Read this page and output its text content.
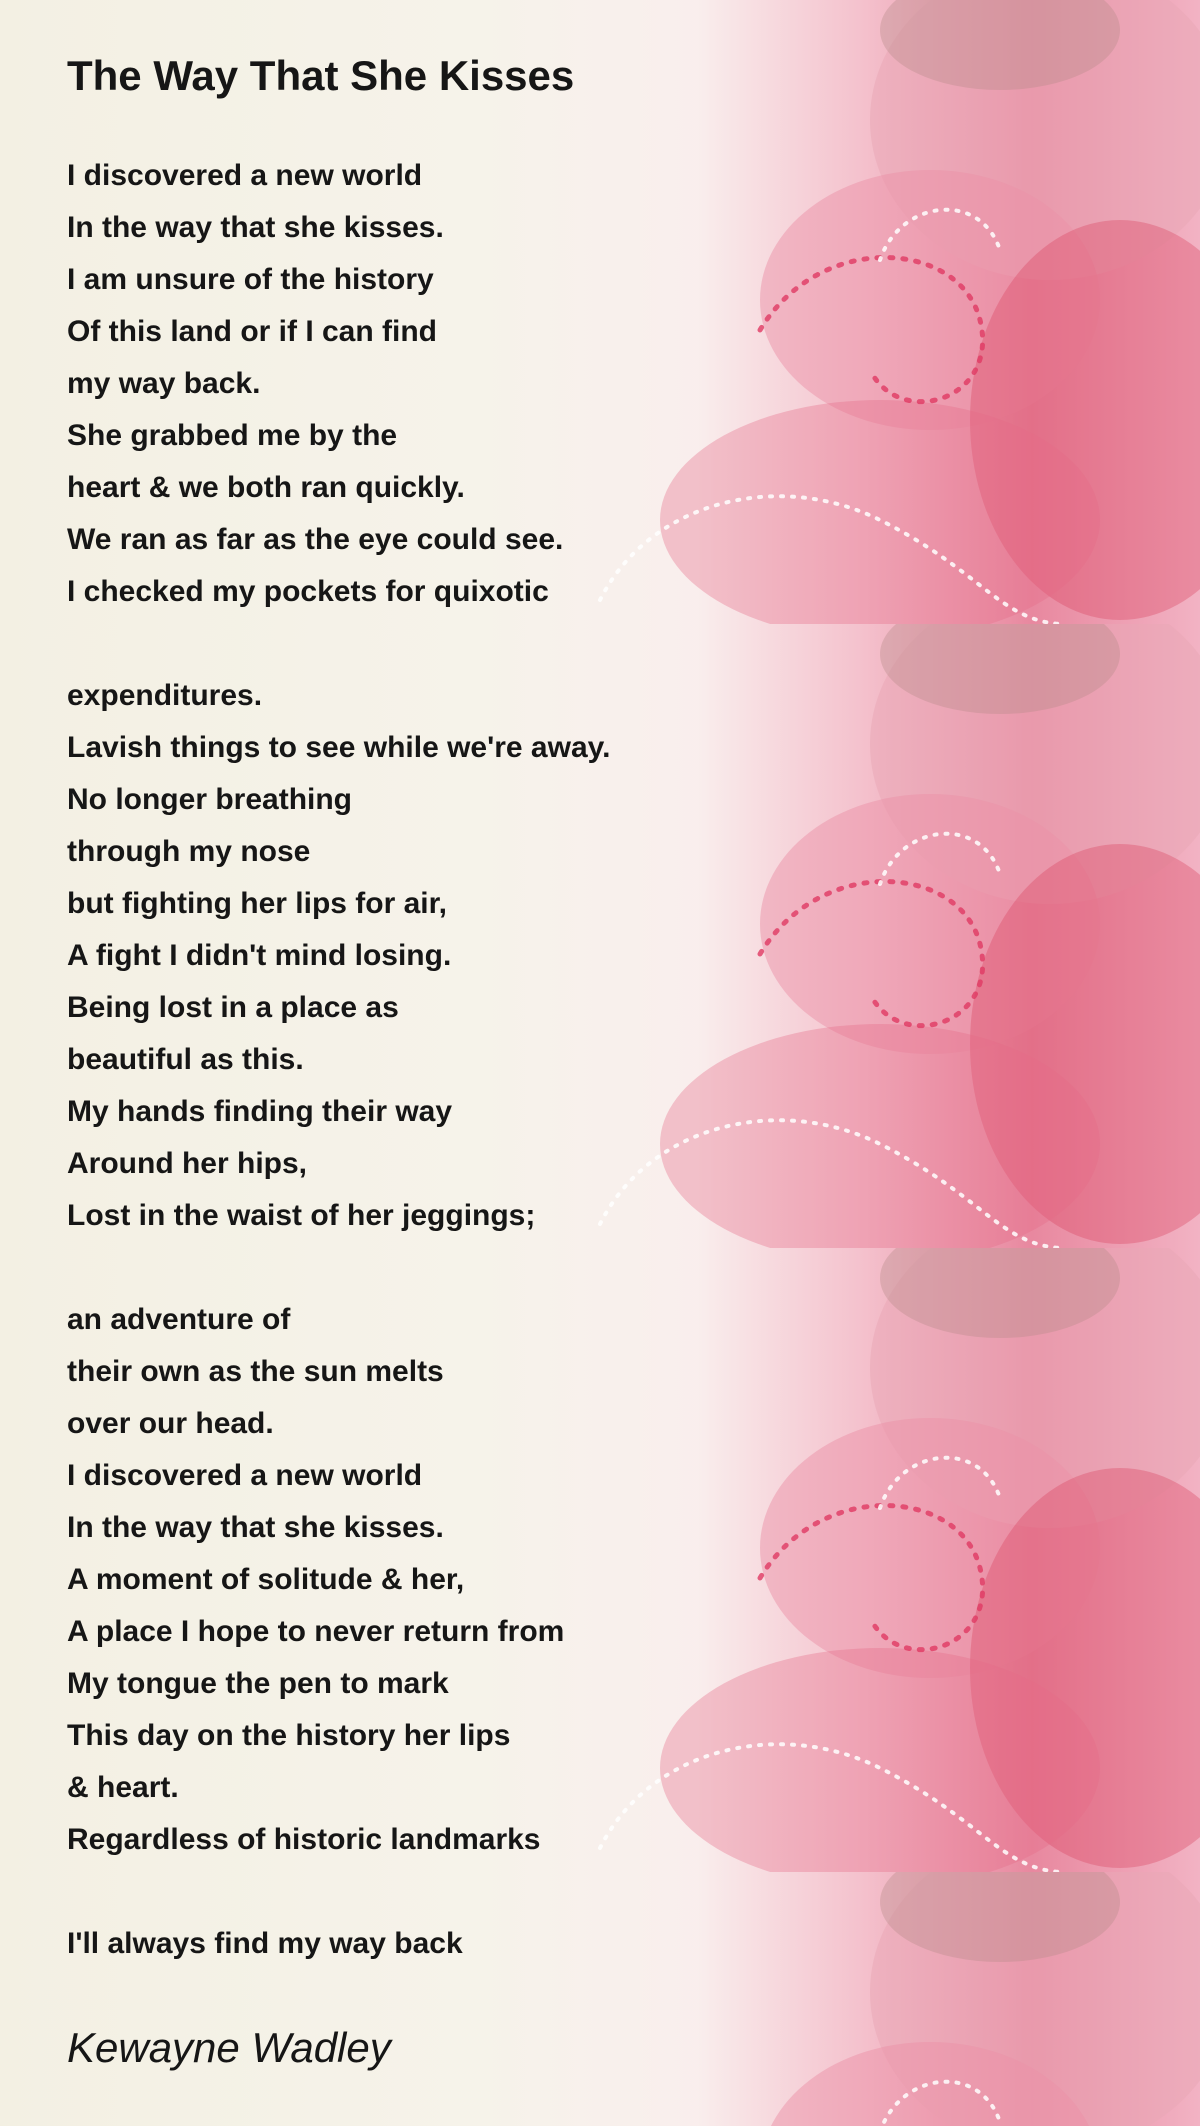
The Way That She Kisses
I discovered a new world
In the way that she kisses.
I am unsure of the history
Of this land or if I can find
my way back.
She grabbed me by the
heart & we both ran quickly.
We ran as far as the eye could see.
I checked my pockets for quixotic
expenditures.
Lavish things to see while we're away.
No longer breathing
through my nose
but fighting her lips for air,
A fight I didn't mind losing.
Being lost in a place as
beautiful as this.
My hands finding their way
Around her hips,
Lost in the waist of her jeggings;
an adventure of
their own as the sun melts
over our head.
I discovered a new world
In the way that she kisses.
A moment of solitude & her,
A place I hope to never return from
My tongue the pen to mark
This day on the history her lips
& heart.
Regardless of historic landmarks
I'll always find my way back
Kewayne Wadley
